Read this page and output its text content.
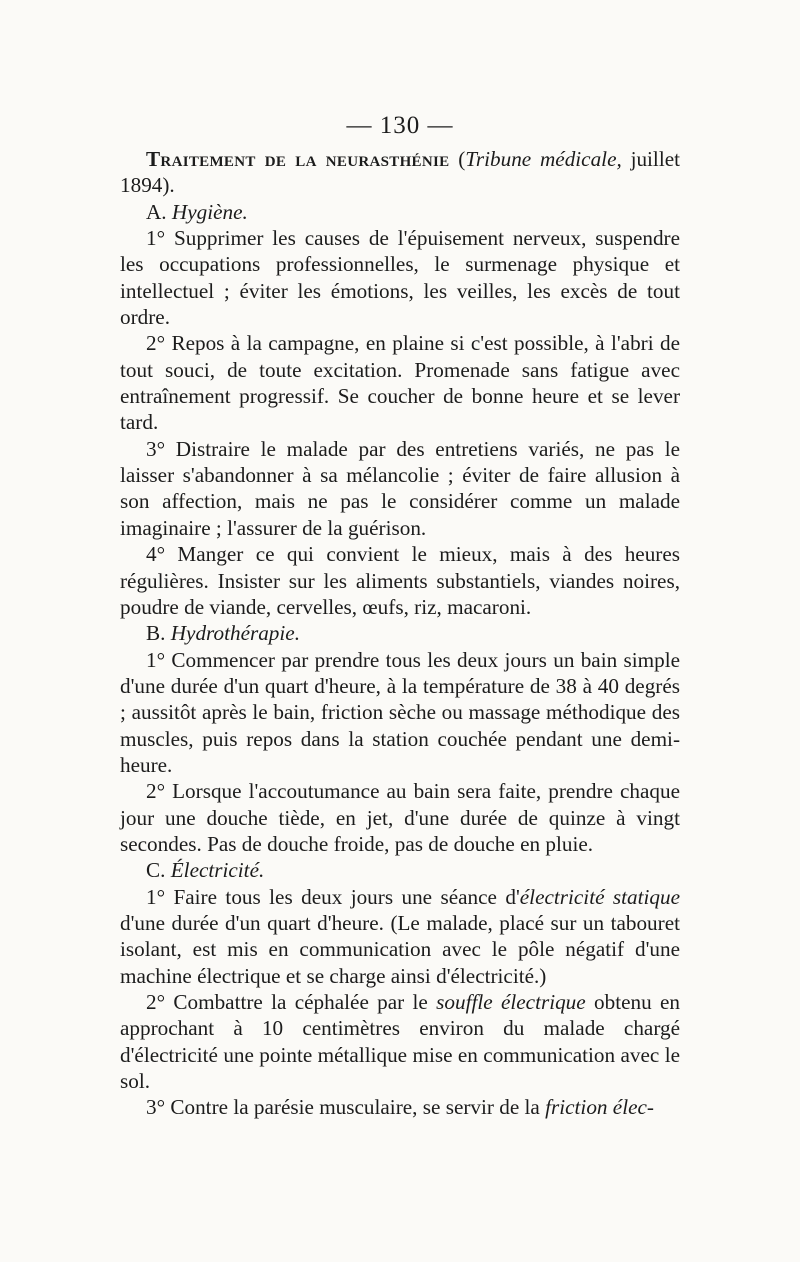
— 130 —

Traitement de la neurasthénie (Tribune médicale, juillet 1894).

A. Hygiène.

1° Supprimer les causes de l'épuisement nerveux, suspendre les occupations professionnelles, le surmenage physique et intellectuel ; éviter les émotions, les veilles, les excès de tout ordre.

2° Repos à la campagne, en plaine si c'est possible, à l'abri de tout souci, de toute excitation. Promenade sans fatigue avec entraînement progressif. Se coucher de bonne heure et se lever tard.

3° Distraire le malade par des entretiens variés, ne pas le laisser s'abandonner à sa mélancolie ; éviter de faire allusion à son affection, mais ne pas le considérer comme un malade imaginaire ; l'assurer de la guérison.

4° Manger ce qui convient le mieux, mais à des heures régulières. Insister sur les aliments substantiels, viandes noires, poudre de viande, cervelles, œufs, riz, macaroni.

B. Hydrothérapie.

1° Commencer par prendre tous les deux jours un bain simple d'une durée d'un quart d'heure, à la température de 38 à 40 degrés ; aussitôt après le bain, friction sèche ou massage méthodique des muscles, puis repos dans la station couchée pendant une demi-heure.

2° Lorsque l'accoutumance au bain sera faite, prendre chaque jour une douche tiède, en jet, d'une durée de quinze à vingt secondes. Pas de douche froide, pas de douche en pluie.

C. Électricité.

1° Faire tous les deux jours une séance d'électricité statique d'une durée d'un quart d'heure. (Le malade, placé sur un tabouret isolant, est mis en communication avec le pôle négatif d'une machine électrique et se charge ainsi d'électricité.)

2° Combattre la céphalée par le souffle électrique obtenu en approchant à 10 centimètres environ du malade chargé d'électricité une pointe métallique mise en communication avec le sol.

3° Contre la parésie musculaire, se servir de la friction élec-
